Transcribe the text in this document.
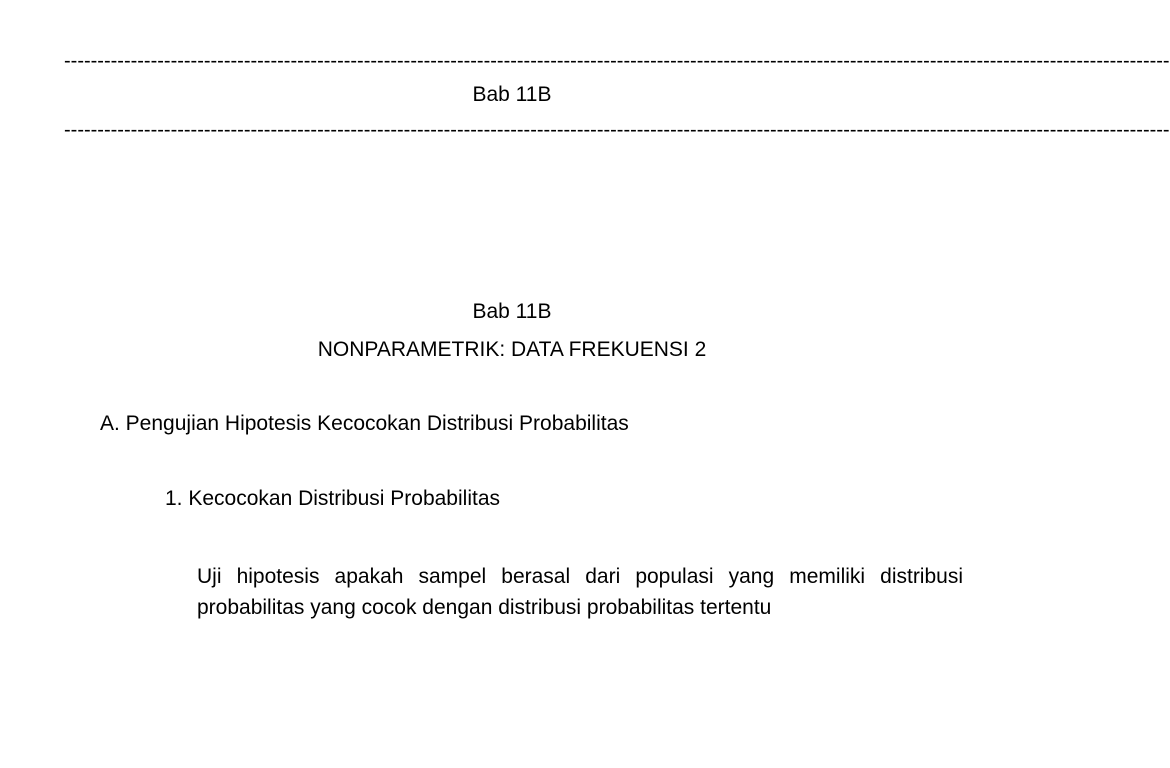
----------------------------------------------------------------------------------------------------------------------------------------------------------------------
Bab 11B
----------------------------------------------------------------------------------------------------------------------------------------------------------------------
Bab 11B
NONPARAMETRIK: DATA FREKUENSI 2
A. Pengujian Hipotesis Kecocokan Distribusi Probabilitas
1. Kecocokan Distribusi Probabilitas
Uji hipotesis apakah sampel berasal dari populasi yang memiliki distribusi probabilitas yang cocok dengan distribusi probabilitas tertentu
